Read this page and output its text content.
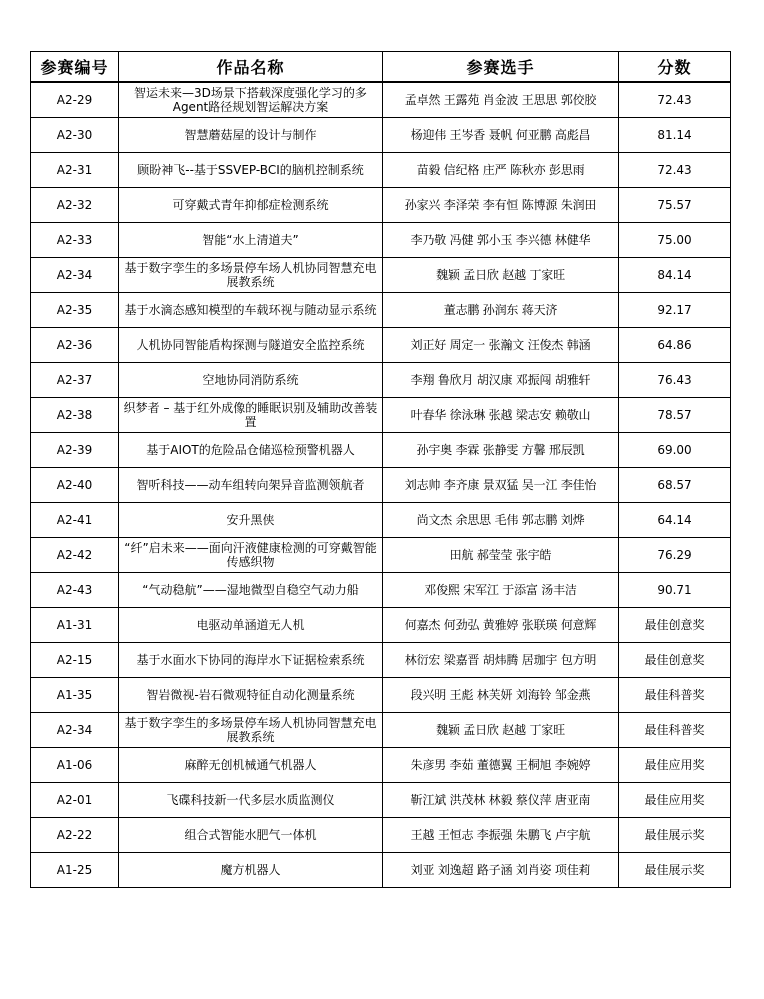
参赛编号	作品名称	参赛选手	分数
A2-29	智运未来—3D场景下搭载深度强化学习的多Agent路径规划智运解决方案	孟卓然 王露苑 肖金波 王思思 郭佼胶	72.43
A2-30	智慧蘑菇屋的设计与制作	杨迎伟 王岑香 聂帆 何亚鹏 高彪昌	81.14
A2-31	顾盼神飞--基于SSVEP-BCI的脑机控制系统	苗毅 信纪格 庄严 陈秋亦 彭思雨	72.43
A2-32	可穿戴式青年抑郁症检测系统	孙家兴 李泽荣 李有恒 陈博源 朱润田	75.57
A2-33	智能“水上清道夫”	李乃敬 冯健 郭小玉 李兴德 林健华	75.00
A2-34	基于数字孪生的多场景停车场人机协同智慧充电展教系统	魏颖 孟日欣 赵越 丁家旺	84.14
A2-35	基于水滴态感知模型的车载环视与随动显示系统	董志鹏 孙润东 蒋天济	92.17
A2-36	人机协同智能盾构探测与隧道安全监控系统	刘正好 周定一 张瀚文 汪俊杰 韩涵	64.86
A2-37	空地协同消防系统	李翔 鲁欣月 胡汉康 邓振闯 胡雅轩	76.43
A2-38	织梦者 – 基于红外成像的睡眠识别及辅助改善装置	叶春华 徐泳琳 张越 梁志安 赖敬山	78.57
A2-39	基于AIOT的危险品仓储巡检预警机器人	孙宇奥 李霖 张静雯 方馨 邢辰凯	69.00
A2-40	智听科技——动车组转向架异音监测领航者	刘志帅 李齐康 景双猛 吴一江 李佳怡	68.57
A2-41	安升黑侠	尚文杰 余思思 毛伟 郭志鹏 刘烨	64.14
A2-42	“纤”启未来——面向汗液健康检测的可穿戴智能传感织物	田航 郝莹莹 张宇皓	76.29
A2-43	“气动稳航”——湿地微型自稳空气动力船	邓俊熙 宋军江 于添富 汤丰洁	90.71
A1-31	电驱动单涵道无人机	何嘉杰 何劲弘 黄雅婷 张联瑛 何意辉	最佳创意奖
A2-15	基于水面水下协同的海岸水下证据检索系统	林衍宏 梁嘉晋 胡炜腾 居珈宇 包方明	最佳创意奖
A1-35	智岩微视-岩石微观特征自动化测量系统	段兴明 王彪 林芙妍 刘海铃 邹金燕	最佳科普奖
A2-34	基于数字孪生的多场景停车场人机协同智慧充电展教系统	魏颖 孟日欣 赵越 丁家旺	最佳科普奖
A1-06	麻醉无创机械通气机器人	朱彦男 李茹 董德翼 王桐旭 李婉婷	最佳应用奖
A2-01	飞碟科技新一代多层水质监测仪	靳江斌 洪茂林 林毅 蔡仪萍 唐亚南	最佳应用奖
A2-22	组合式智能水肥气一体机	王越 王恒志 李振强 朱鹏飞 卢宇航	最佳展示奖
A1-25	魔方机器人	刘亚 刘逸超 路子涵 刘肖姿 项佳莉	最佳展示奖
